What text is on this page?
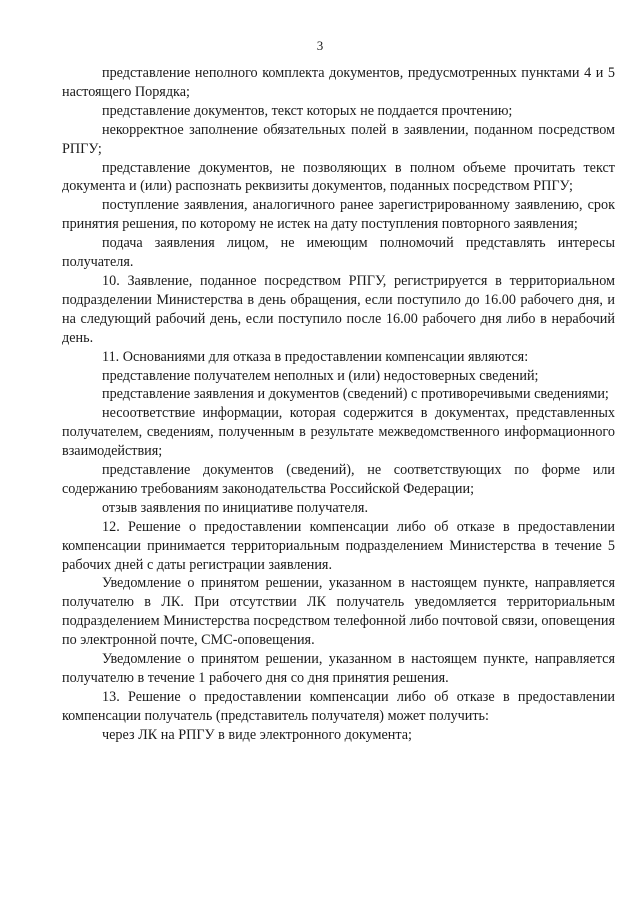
3

представление неполного комплекта документов, предусмотренных пунктами 4 и 5 настоящего Порядка;

представление документов, текст которых не поддается прочтению;

некорректное заполнение обязательных полей в заявлении, поданном посредством РПГУ;

представление документов, не позволяющих в полном объеме прочитать текст документа и (или) распознать реквизиты документов, поданных посредством РПГУ;

поступление заявления, аналогичного ранее зарегистрированному заявлению, срок принятия решения, по которому не истек на дату поступления повторного заявления;

подача заявления лицом, не имеющим полномочий представлять интересы получателя.

10. Заявление, поданное посредством РПГУ, регистрируется в территориальном подразделении Министерства в день обращения, если поступило до 16.00 рабочего дня, и на следующий рабочий день, если поступило после 16.00 рабочего дня либо в нерабочий день.

11. Основаниями для отказа в предоставлении компенсации являются:

представление получателем неполных и (или) недостоверных сведений;

представление заявления и документов (сведений) с противоречивыми сведениями;

несоответствие информации, которая содержится в документах, представленных получателем, сведениям, полученным в результате межведомственного информационного взаимодействия;

представление документов (сведений), не соответствующих по форме или содержанию требованиям законодательства Российской Федерации;

отзыв заявления по инициативе получателя.

12. Решение о предоставлении компенсации либо об отказе в предоставлении компенсации принимается территориальным подразделением Министерства в течение 5 рабочих дней с даты регистрации заявления.

Уведомление о принятом решении, указанном в настоящем пункте, направляется получателю в ЛК. При отсутствии ЛК получатель уведомляется территориальным подразделением Министерства посредством телефонной либо почтовой связи, оповещения по электронной почте, СМС-оповещения.

Уведомление о принятом решении, указанном в настоящем пункте, направляется получателю в течение 1 рабочего дня со дня принятия решения.

13. Решение о предоставлении компенсации либо об отказе в предоставлении компенсации получатель (представитель получателя) может получить:

через ЛК на РПГУ в виде электронного документа;
